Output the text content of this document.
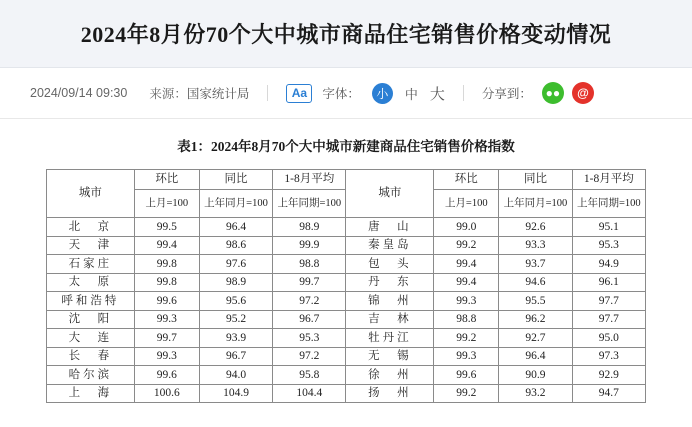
2024年8月份70个大中城市商品住宅销售价格变动情况
2024/09/14 09:30 来源： 国家统计局	Aa	字体：	小	中 大	分享到：	●●	@
表1：2024年8月70个大中城市新建商品住宅销售价格指数
城市	环比	同比	1-8月平均	城市	环比	同比	1-8月平均
	上月=100	上年同月=100	上年同期=100		上月=100	上年同月=100	上年同期=100
北　京	99.5	96.4	98.9	唐　山	99.0	92.6	95.1
天　津	99.4	98.6	99.9	秦皇岛	99.2	93.3	95.3
石家庄	99.8	97.6	98.8	包　头	99.4	93.7	94.9
太　原	99.8	98.9	99.7	丹　东	99.4	94.6	96.1
呼和浩特	99.6	95.6	97.2	锦　州	99.3	95.5	97.7
沈　阳	99.3	95.2	96.7	吉　林	98.8	96.2	97.7
大　连	99.7	93.9	95.3	牡丹江	99.2	92.7	95.0
长　春	99.3	96.7	97.2	无　锡	99.3	96.4	97.3
哈尔滨	99.6	94.0	95.8	徐　州	99.6	90.9	92.9
上　海	100.6	104.9	104.4	扬　州	99.2	93.2	94.7
